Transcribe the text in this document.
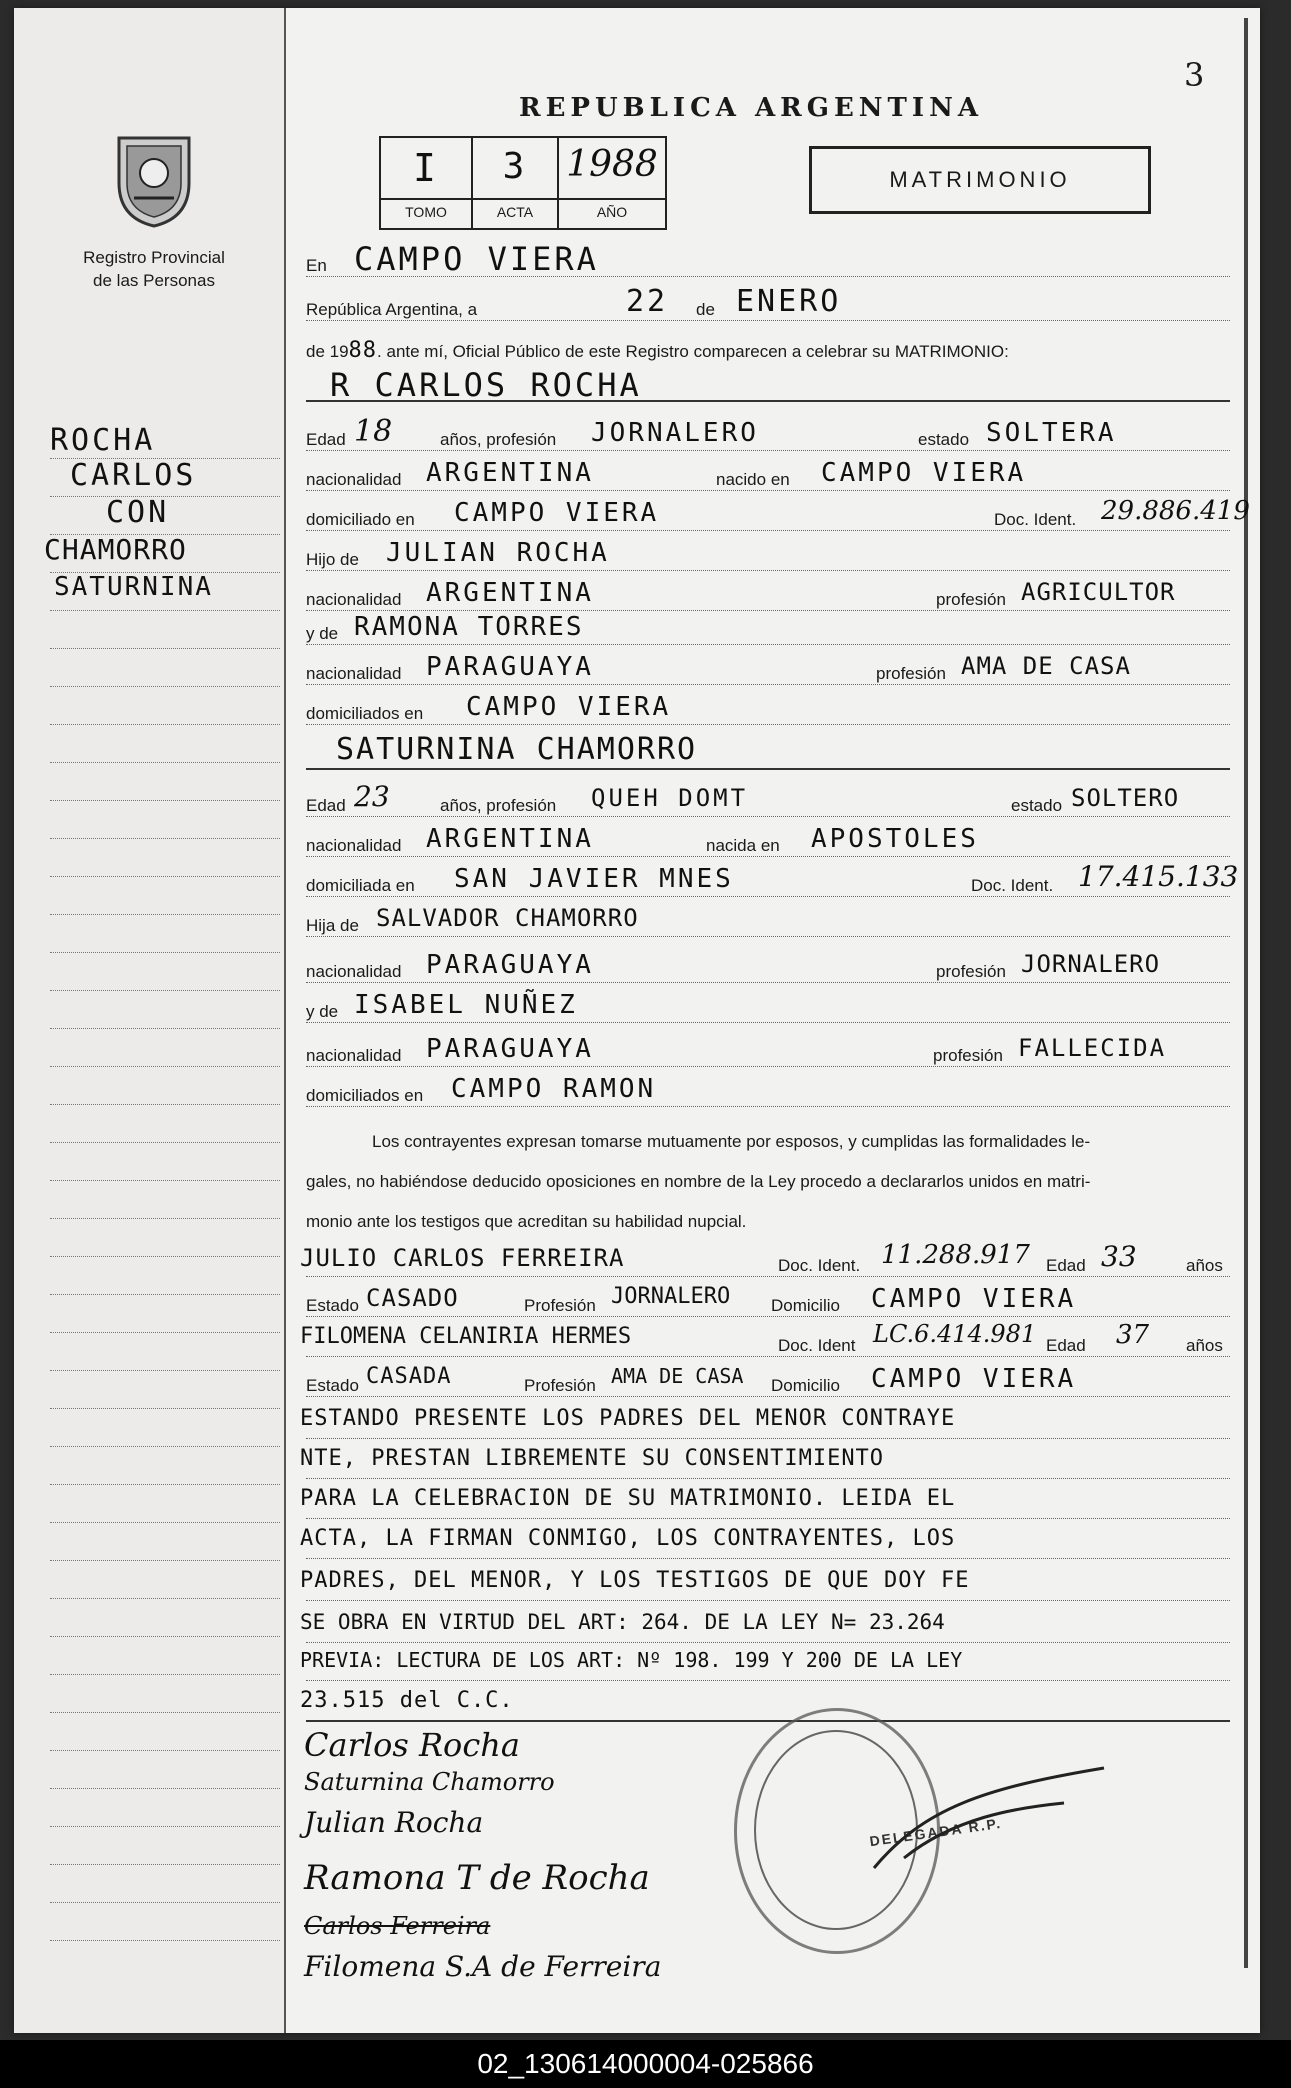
Registro Provincial
de las Personas
ROCHA
CARLOS
CON
CHAMORRO
SATURNINA
3
REPUBLICA ARGENTINA
I	3	1988
TOMO	ACTA	AÑO
MATRIMONIO
En CAMPO VIERA
República Argentina, a	22 de ENERO
de 1988. ante mí, Oficial Público de este Registro comparecen a celebrar su MATRIMONIO:
R CARLOS ROCHA
Edad 18	años, profesión JORNALERO	estado SOLTERA
nacionalidad ARGENTINA	nacido en CAMPO VIERA
domiciliado en CAMPO VIERA	Doc. Ident. 29.886.419
Hijo de JULIAN ROCHA
nacionalidad ARGENTINA	profesión AGRICULTOR
y de RAMONA TORRES
nacionalidad PARAGUAYA	profesión AMA DE CASA
domiciliados en CAMPO VIERA
SATURNINA CHAMORRO
Edad 23	años, profesión QUEH DOMT	estado SOLTERO
nacionalidad ARGENTINA	nacida en APOSTOLES
domiciliada en SAN JAVIER MNES	Doc. Ident. 17.415.133
Hija de SALVADOR CHAMORRO
nacionalidad PARAGUAYA	profesión JORNALERO
y de ISABEL NUÑEZ
nacionalidad PARAGUAYA	profesión FALLECIDA
domiciliados en CAMPO RAMON
Los contrayentes expresan tomarse mutuamente por esposos, y cumplidas las formalidades le-
gales, no habiéndose deducido oposiciones en nombre de la Ley procedo a declararlos unidos en matri-
monio ante los testigos que acreditan su habilidad nupcial.
JULIO CARLOS FERREIRA	Doc. Ident. 11.288.917 Edad 33	años
Estado CASADO	Profesión JORNALERO Domicilio CAMPO VIERA
FILOMENA CELANIRIA HERMES	Doc. Ident LC.6.414.981 Edad 37 años
Estado CASADA	Profesión AMA DE CASA Domicilio CAMPO VIERA
ESTANDO PRESENTE LOS PADRES DEL MENOR CONTRAYE
NTE, PRESTAN LIBREMENTE SU CONSENTIMIENTO
PARA LA CELEBRACION DE SU MATRIMONIO. LEIDA EL
ACTA, LA FIRMAN CONMIGO, LOS CONTRAYENTES, LOS
PADRES, DEL MENOR, Y LOS TESTIGOS DE QUE DOY FE
SE OBRA EN VIRTUD DEL ART: 264. DE LA LEY N= 23.264
PREVIA: LECTURA DE LOS ART: Nº 198. 199 Y 200 DE LA LEY
23.515 del C.C.
Carlos Rocha
Saturnina Chamorro
Julian Rocha
Ramona T de Rocha
Carlos Ferreira
Filomena S.A de Ferreira
DELEGADA R.P.
02_130614000004-025866
